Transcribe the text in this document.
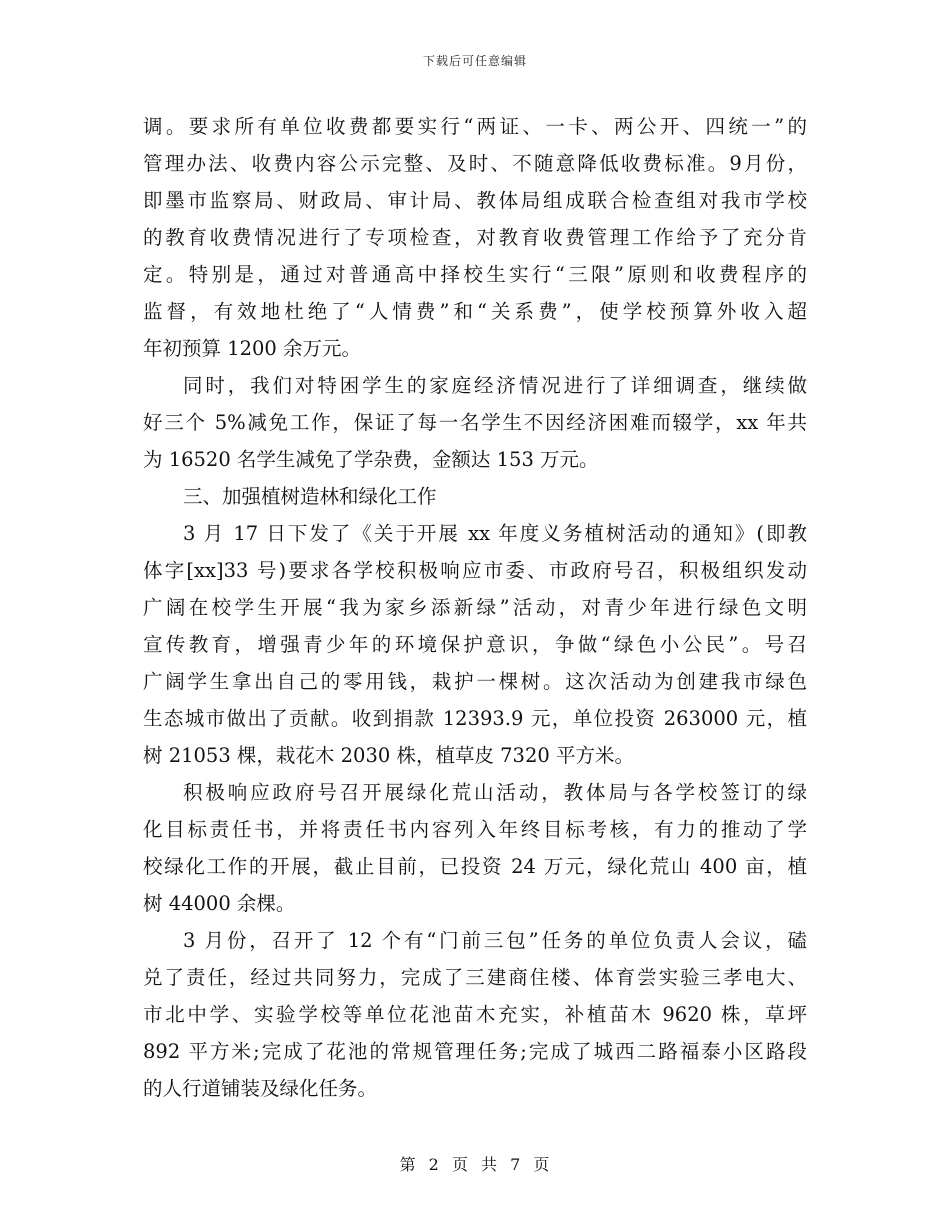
下载后可任意编辑
调。要求所有单位收费都要实行“两证、一卡、两公开、四统一”的
管理办法、收费内容公示完整、及时、不随意降低收费标准。9月份，
即墨市监察局、财政局、审计局、教体局组成联合检查组对我市学校
的教育收费情况进行了专项检查，对教育收费管理工作给予了充分肯
定。特别是，通过对普通高中择校生实行“三限”原则和收费程序的
监督，有效地杜绝了“人情费”和“关系费”，使学校预算外收入超
年初预算 1200 余万元。
同时，我们对特困学生的家庭经济情况进行了详细调查，继续做
好三个 5%减免工作，保证了每一名学生不因经济困难而辍学，xx 年共
为 16520 名学生减免了学杂费，金额达 153 万元。
三、加强植树造林和绿化工作
3 月 17 日下发了《关于开展 xx 年度义务植树活动的通知》(即教
体字[xx]33 号)要求各学校积极响应市委、市政府号召，积极组织发动
广阔在校学生开展“我为家乡添新绿”活动，对青少年进行绿色文明
宣传教育，增强青少年的环境保护意识，争做“绿色小公民”。号召
广阔学生拿出自己的零用钱，栽护一棵树。这次活动为创建我市绿色
生态城市做出了贡献。收到捐款 12393.9 元，单位投资 263000 元，植
树 21053 棵，栽花木 2030 株，植草皮 7320 平方米。
积极响应政府号召开展绿化荒山活动，教体局与各学校签订的绿
化目标责任书，并将责任书内容列入年终目标考核，有力的推动了学
校绿化工作的开展，截止目前，已投资 24 万元，绿化荒山 400 亩，植
树 44000 余棵。
3 月份，召开了 12 个有“门前三包”任务的单位负责人会议，磕
兑了责任，经过共同努力，完成了三建商住楼、体育尝实验三孝电大、
市北中学、实验学校等单位花池苗木充实，补植苗木 9620 株，草坪
892 平方米;完成了花池的常规管理任务;完成了城西二路福泰小区路段
的人行道铺装及绿化任务。
第 2 页 共 7 页
